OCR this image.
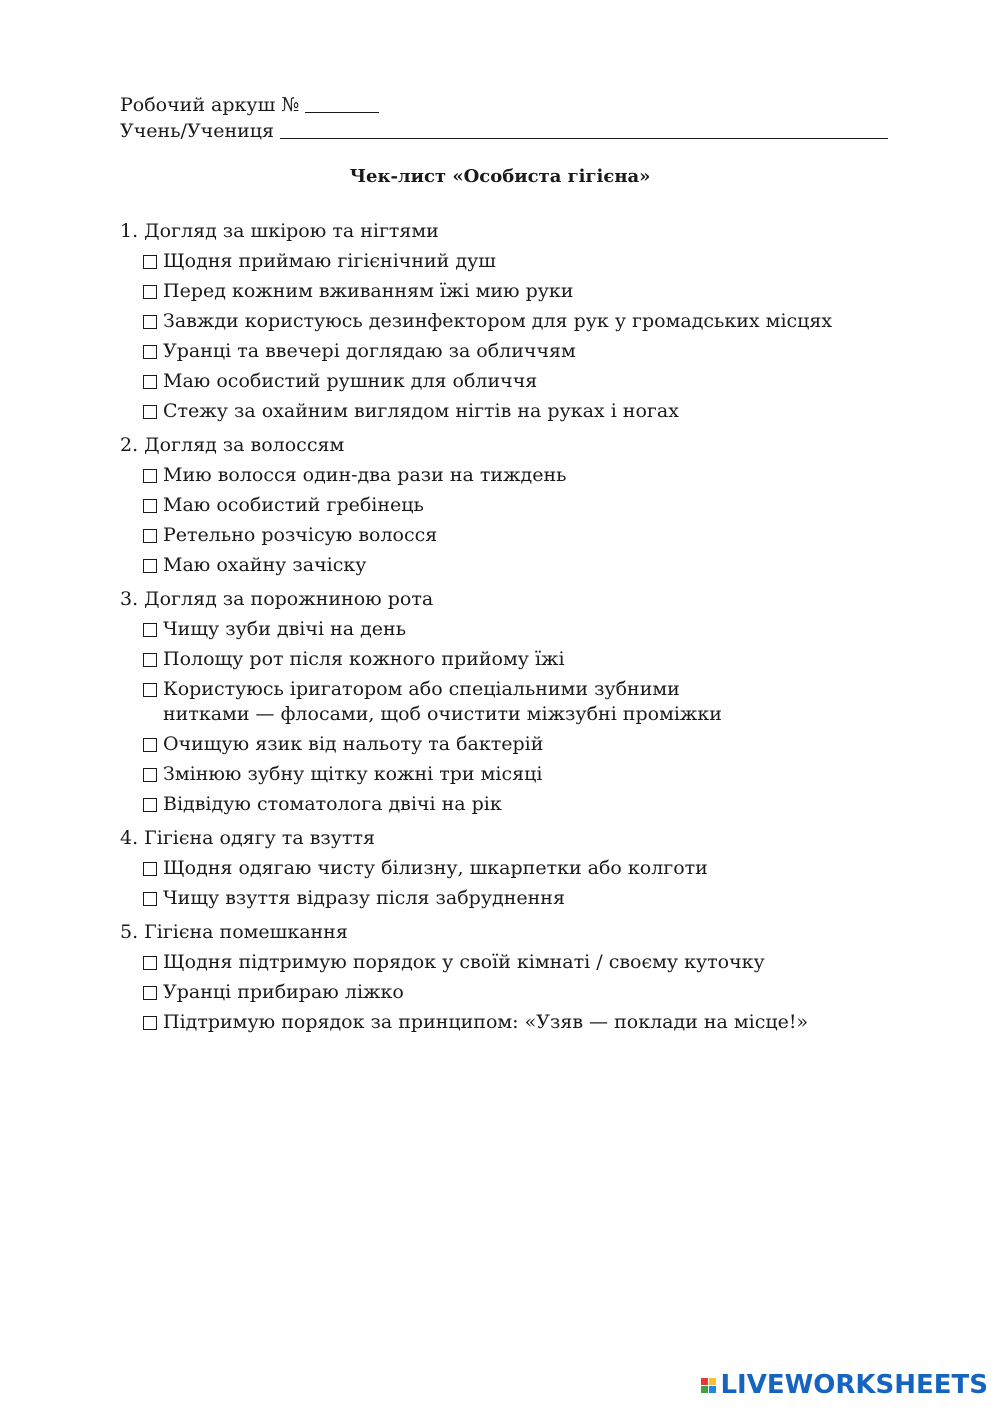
Робочий аркуш №
Учень/Учениця
Чек-лист «Особиста гігієна»
1. Догляд за шкірою та нігтями
Щодня приймаю гігієнічний душ
Перед кожним вживанням їжі мию руки
Завжди користуюсь дезинфектором для рук у громадських місцях
Уранці та ввечері доглядаю за обличчям
Маю особистий рушник для обличчя
Стежу за охайним виглядом нігтів на руках і ногах
2. Догляд за волоссям
Мию волосся один-два рази на тиждень
Маю особистий гребінець
Ретельно розчісую волосся
Маю охайну зачіску
3. Догляд за порожниною рота
Чищу зуби двічі на день
Полощу рот після кожного прийому їжі
Користуюсь іригатором або спеціальними зубними
нитками — флосами, щоб очистити міжзубні проміжки
Очищую язик від нальоту та бактерій
Змінюю зубну щітку кожні три місяці
Відвідую стоматолога двічі на рік
4. Гігієна одягу та взуття
Щодня одягаю чисту білизну, шкарпетки або колготи
Чищу взуття відразу після забруднення
5. Гігієна помешкання
Щодня підтримую порядок у своїй кімнаті / своєму куточку
Уранці прибираю ліжко
Підтримую порядок за принципом: «Узяв — поклади на місце!»
LIVEWORKSHEETS
